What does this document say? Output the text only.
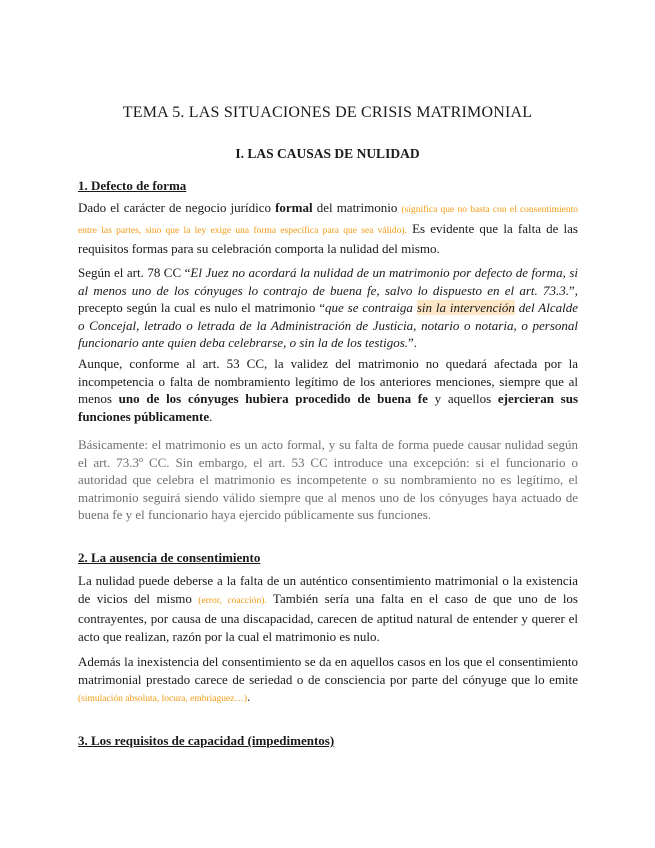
TEMA 5. LAS SITUACIONES DE CRISIS MATRIMONIAL
I. LAS CAUSAS DE NULIDAD
1. Defecto de forma
Dado el carácter de negocio jurídico formal del matrimonio (significa que no basta con el consentimiento entre las partes, sino que la ley exige una forma específica para que sea válido). Es evidente que la falta de las requisitos formas para su celebración comporta la nulidad del mismo.
Según el art. 78 CC “El Juez no acordará la nulidad de un matrimonio por defecto de forma, si al menos uno de los cónyuges lo contrajo de buena fe, salvo lo dispuesto en el art. 73.3.”, precepto según la cual es nulo el matrimonio “que se contraiga sin la intervención del Alcalde o Concejal, letrado o letrada de la Administración de Justicia, notario o notaria, o personal funcionario ante quien deba celebrarse, o sin la de los testigos.”.
Aunque, conforme al art. 53 CC, la validez del matrimonio no quedará afectada por la incompetencia o falta de nombramiento legítimo de los anteriores menciones, siempre que al menos uno de los cónyuges hubiera procedido de buena fe y aquellos ejercieran sus funciones públicamente.
Básicamente: el matrimonio es un acto formal, y su falta de forma puede causar nulidad según el art. 73.3º CC. Sin embargo, el art. 53 CC introduce una excepción: si el funcionario o autoridad que celebra el matrimonio es incompetente o su nombramiento no es legítimo, el matrimonio seguirá siendo válido siempre que al menos uno de los cónyuges haya actuado de buena fe y el funcionario haya ejercido públicamente sus funciones.
2. La ausencia de consentimiento
La nulidad puede deberse a la falta de un auténtico consentimiento matrimonial o la existencia de vicios del mismo (error, coacción). También sería una falta en el caso de que uno de los contrayentes, por causa de una discapacidad, carecen de aptitud natural de entender y querer el acto que realizan, razón por la cual el matrimonio es nulo.
Además la inexistencia del consentimiento se da en aquellos casos en los que el consentimiento matrimonial prestado carece de seriedad o de consciencia por parte del cónyuge que lo emite (simulación absoluta, locura, embriaguez…).
3. Los requisitos de capacidad (impedimentos)
